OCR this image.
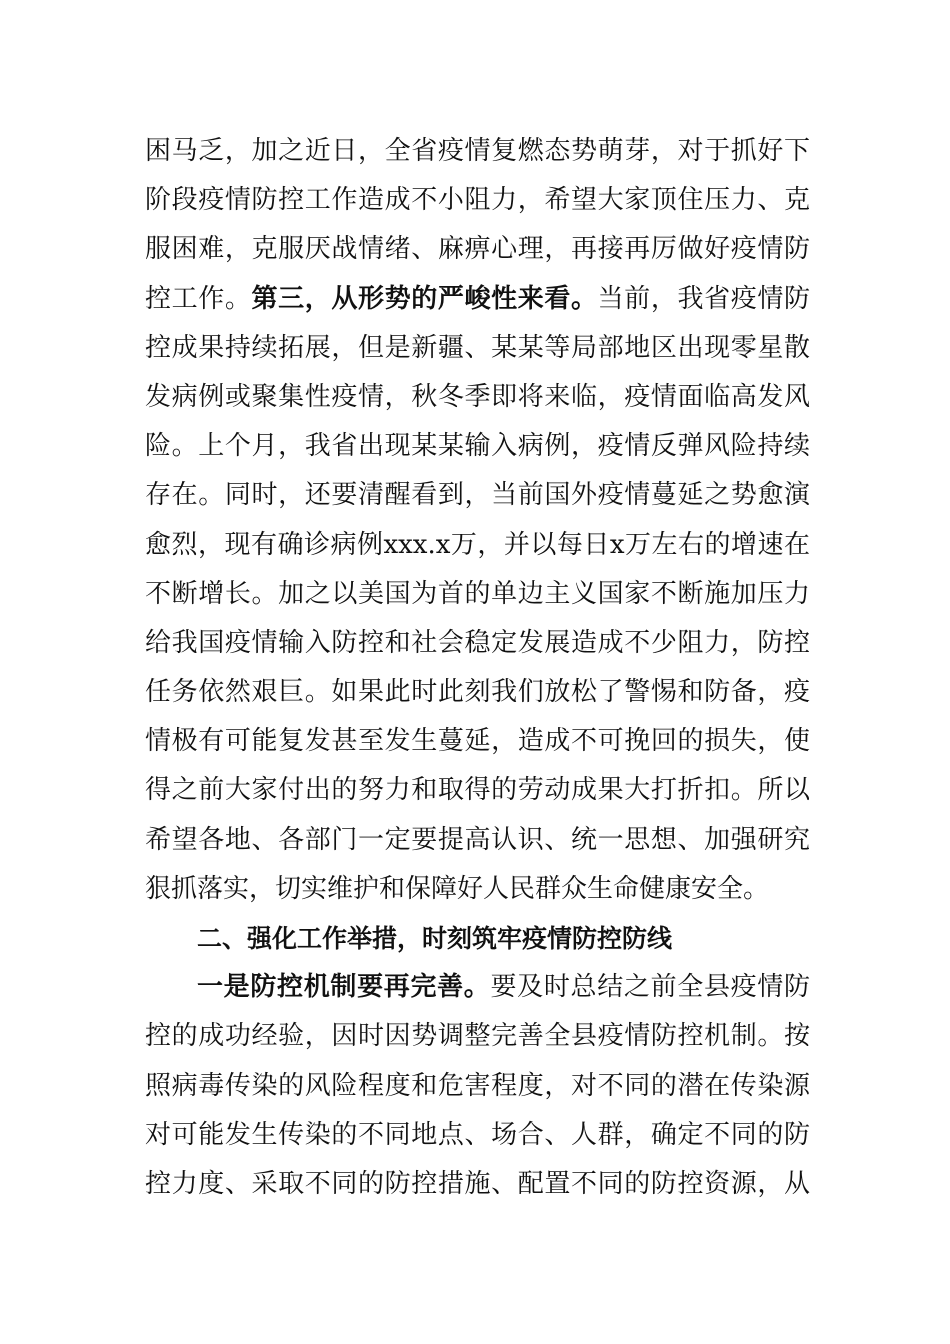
困马乏，加之近日，全省疫情复燃态势萌芽，对于抓好下
阶段疫情防控工作造成不小阻力，希望大家顶住压力、克
服困难，克服厌战情绪、麻痹心理，再接再厉做好疫情防
控工作。第三，从形势的严峻性来看。当前，我省疫情防
控成果持续拓展，但是新疆、某某等局部地区出现零星散
发病例或聚集性疫情，秋冬季即将来临，疫情面临高发风
险。上个月，我省出现某某输入病例，疫情反弹风险持续
存在。同时，还要清醒看到，当前国外疫情蔓延之势愈演
愈烈，现有确诊病例xxx.x万，并以每日x万左右的增速在
不断增长。加之以美国为首的单边主义国家不断施加压力
给我国疫情输入防控和社会稳定发展造成不少阻力，防控
任务依然艰巨。如果此时此刻我们放松了警惕和防备，疫
情极有可能复发甚至发生蔓延，造成不可挽回的损失，使
得之前大家付出的努力和取得的劳动成果大打折扣。所以
希望各地、各部门一定要提高认识、统一思想、加强研究
狠抓落实，切实维护和保障好人民群众生命健康安全。
二、强化工作举措，时刻筑牢疫情防控防线
一是防控机制要再完善。要及时总结之前全县疫情防
控的成功经验，因时因势调整完善全县疫情防控机制。按
照病毒传染的风险程度和危害程度，对不同的潜在传染源
对可能发生传染的不同地点、场合、人群，确定不同的防
控力度、采取不同的防控措施、配置不同的防控资源，从
